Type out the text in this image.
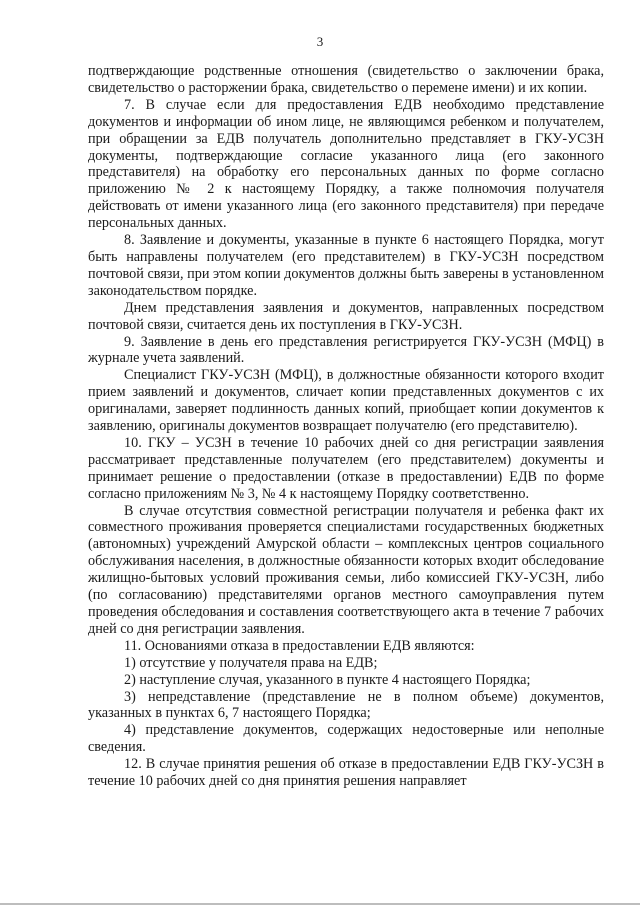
3

подтверждающие родственные отношения (свидетельство о заключении брака, свидетельство о расторжении брака, свидетельство о перемене имени) и их копии.

7. В случае если для предоставления ЕДВ необходимо представление документов и информации об ином лице, не являющимся ребенком и получателем, при обращении за ЕДВ получатель дополнительно представляет в ГКУ-УСЗН документы, подтверждающие согласие указанного лица (его законного представителя) на обработку его персональных данных по форме согласно приложению № 2 к настоящему Порядку, а также полномочия получателя действовать от имени указанного лица (его законного представителя) при передаче персональных данных.

8. Заявление и документы, указанные в пункте 6 настоящего Порядка, могут быть направлены получателем (его представителем) в ГКУ-УСЗН посредством почтовой связи, при этом копии документов должны быть заверены в установленном законодательством порядке.

Днем представления заявления и документов, направленных посредством почтовой связи, считается день их поступления в ГКУ-УСЗН.

9. Заявление в день его представления регистрируется ГКУ-УСЗН (МФЦ) в журнале учета заявлений.

Специалист ГКУ-УСЗН (МФЦ), в должностные обязанности которого входит прием заявлений и документов, сличает копии представленных документов с их оригиналами, заверяет подлинность данных копий, приобщает копии документов к заявлению, оригиналы документов возвращает получателю (его представителю).

10. ГКУ – УСЗН в течение 10 рабочих дней со дня регистрации заявления рассматривает представленные получателем (его представителем) документы и принимает решение о предоставлении (отказе в предоставлении) ЕДВ по форме согласно приложениям № 3, № 4 к настоящему Порядку соответственно.

В случае отсутствия совместной регистрации получателя и ребенка факт их совместного проживания проверяется специалистами государственных бюджетных (автономных) учреждений Амурской области – комплексных центров социального обслуживания населения, в должностные обязанности которых входит обследование жилищно-бытовых условий проживания семьи, либо комиссией ГКУ-УСЗН, либо (по согласованию) представителями органов местного самоуправления путем проведения обследования и составления соответствующего акта в течение 7 рабочих дней со дня регистрации заявления.

11. Основаниями отказа в предоставлении ЕДВ являются:

1) отсутствие у получателя права на ЕДВ;

2) наступление случая, указанного в пункте 4 настоящего Порядка;

3) непредставление (представление не в полном объеме) документов, указанных в пунктах 6, 7 настоящего Порядка;

4) представление документов, содержащих недостоверные или неполные сведения.

12. В случае принятия решения об отказе в предоставлении ЕДВ ГКУ-УСЗН в течение 10 рабочих дней со дня принятия решения направляет
